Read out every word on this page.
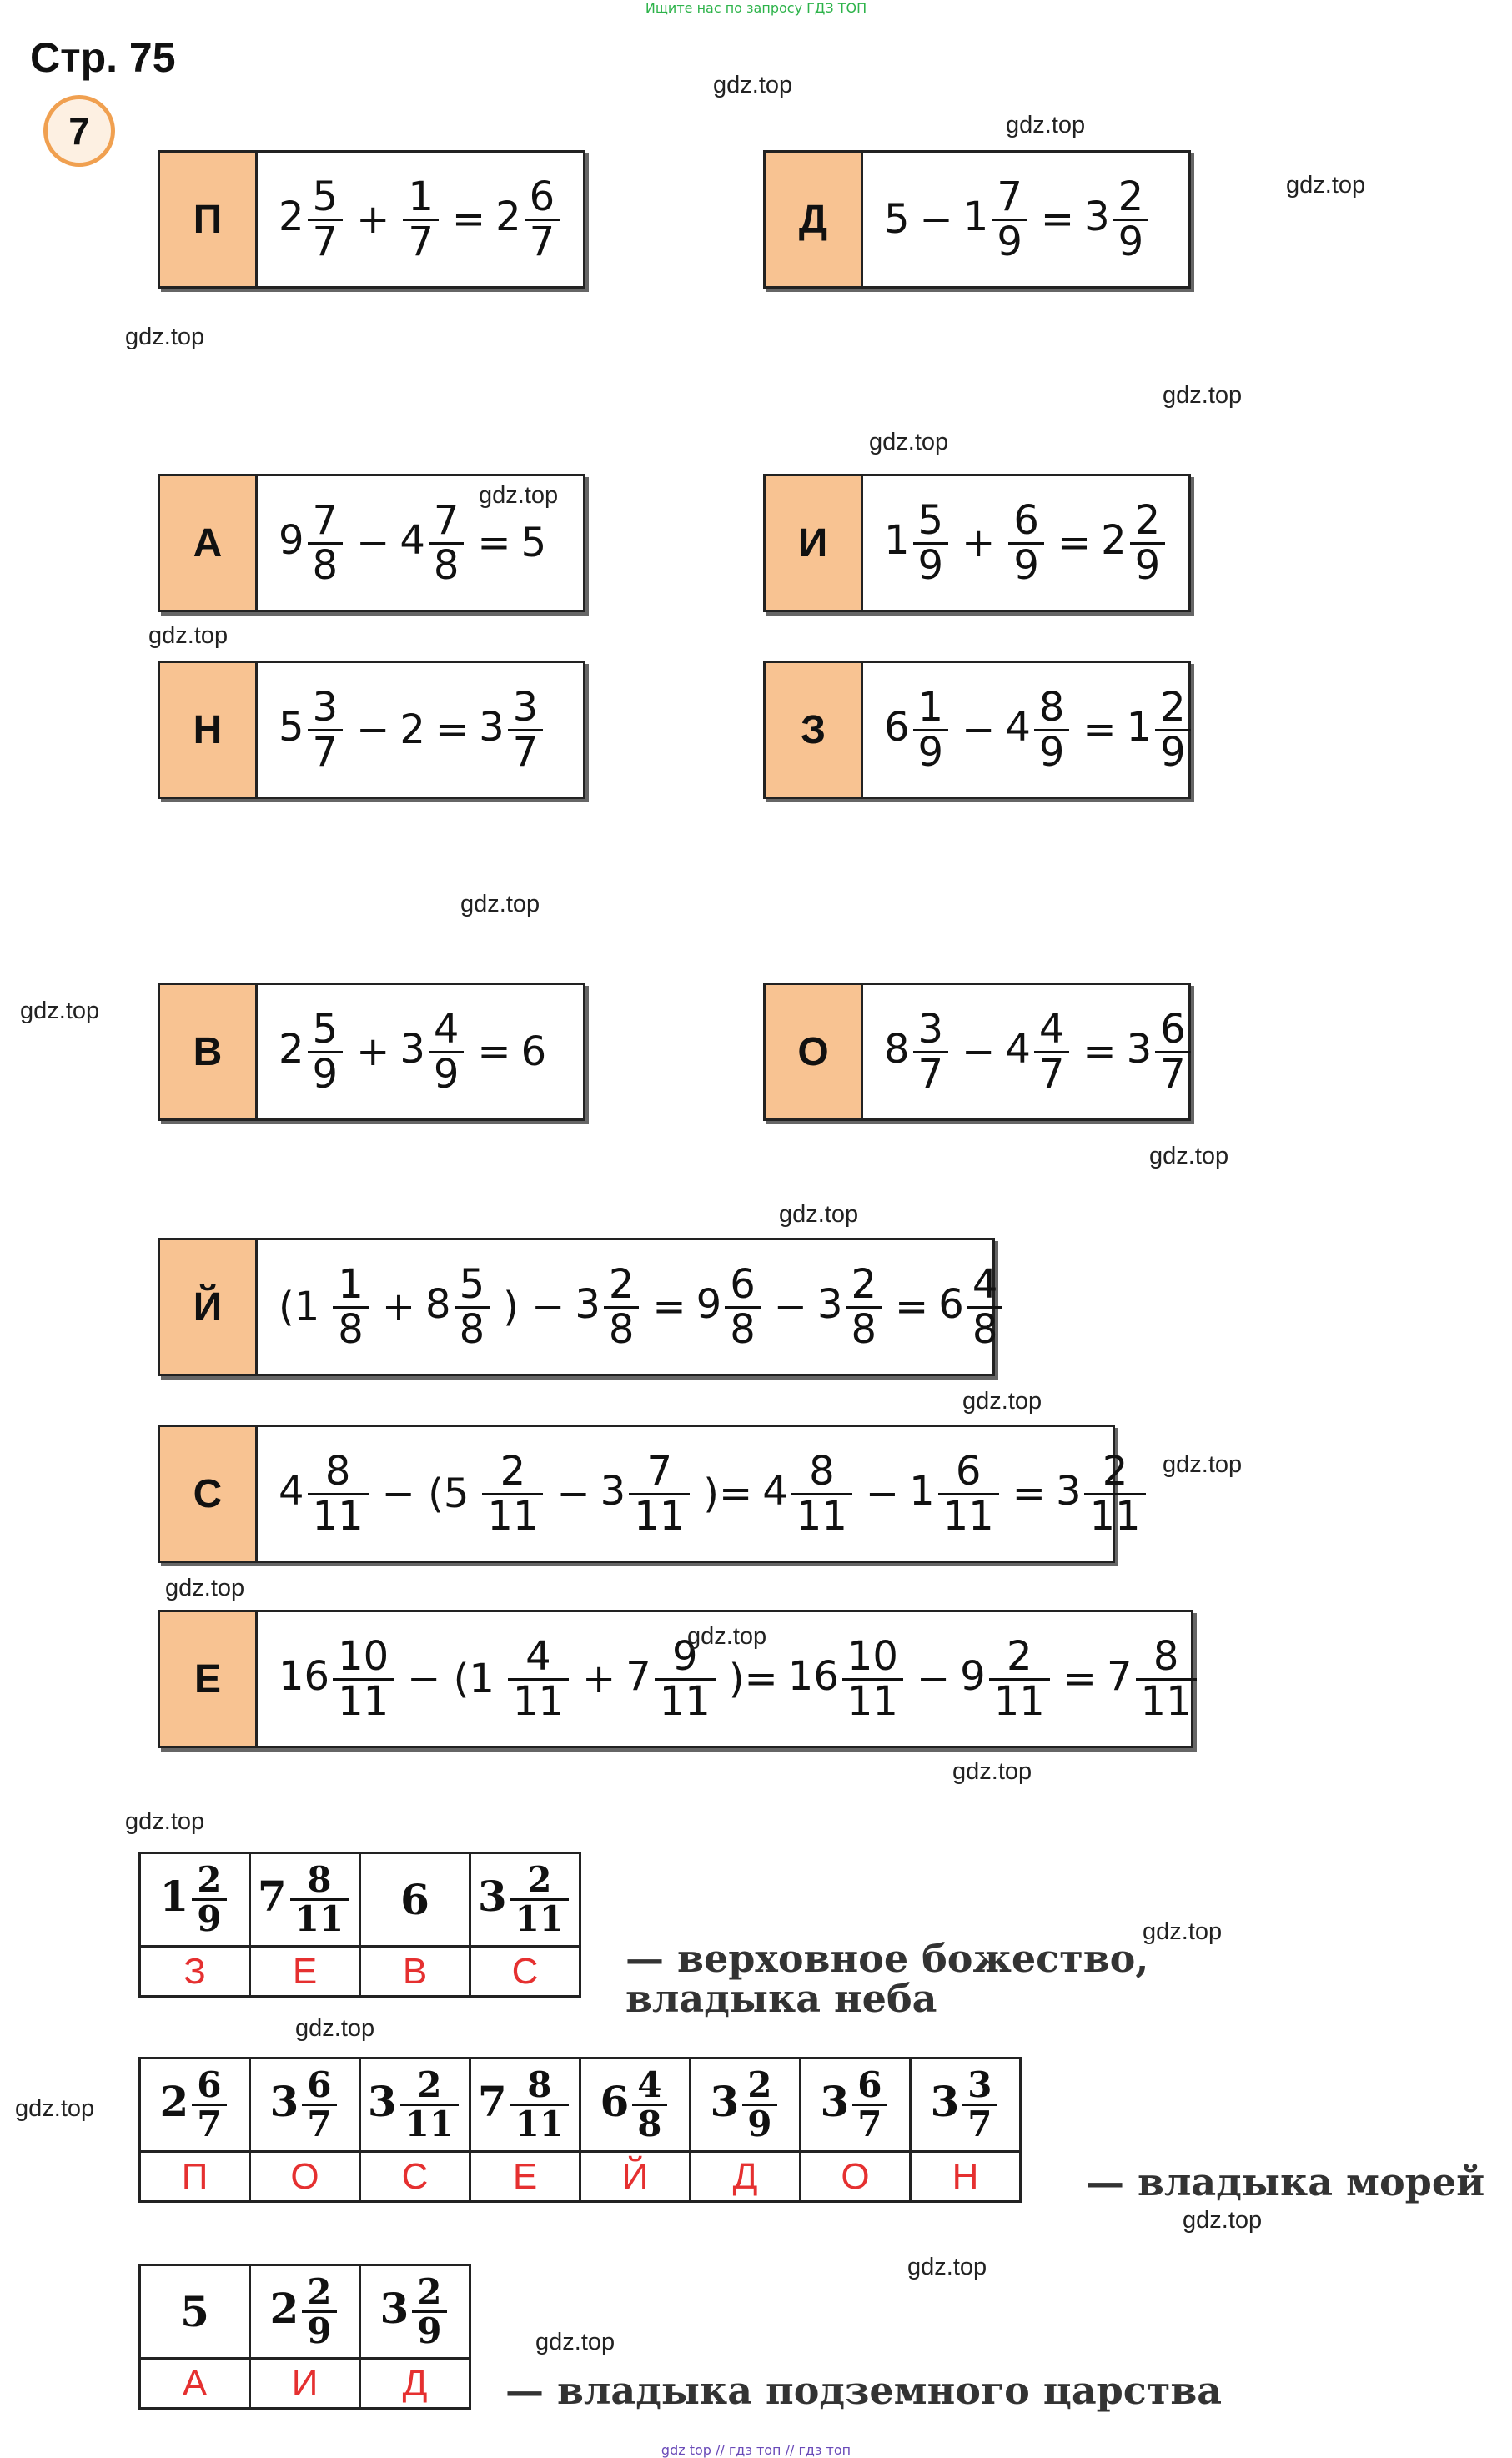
Ищите нас по запросу ГДЗ ТОП
Стр. 75
7
П	$2 \frac{5}{7} + \frac{1}{7} = 2 \frac{6}{7}$	Д	$5 - 1 \frac{7}{9} = 3 \frac{2}{9}$
А	$9 \frac{7}{8} - 4 \frac{7}{8} = 5$	И	$1 \frac{5}{9} + \frac{6}{9} = 2 \frac{2}{9}$
Н	$5 \frac{3}{7} - 2 = 3 \frac{3}{7}$	З	$6 \frac{1}{9} - 4 \frac{8}{9} = 1 \frac{2}{9}$
В	$2 \frac{5}{9} + 3 \frac{4}{9} = 6$	О	$8 \frac{3}{7} - 4 \frac{4}{7} = 3 \frac{6}{7}$
Й	($1 \frac{1}{8} + 8 \frac{5}{8}$ ) − $3 \frac{2}{8} = 9 \frac{6}{8} - 3 \frac{2}{8} = 6 \frac{4}{8}$
С	$4 \frac{8}{11} - (5 \frac{2}{11} - 3 \frac{7}{11}$ )= $4 \frac{8}{11} - 1 \frac{6}{11} = 3 \frac{2}{11}$
Е	$16 \frac{10}{11} - (1 \frac{4}{11} + 7 \frac{9}{11}$ )= $16 \frac{10}{11} - 9 \frac{2}{11} = 7 \frac{8}{11}$
$1 \frac{2}{9}$	$7 \frac{8}{11}$	6	$3 \frac{2}{11}$

З	Е	В	С — верховное божество,
владыка неба
$2 \frac{6}{7}$	$3 \frac{6}{7}$	$3 \frac{2}{11}$	$7 \frac{8}{11}$	$6 \frac{4}{8}$	$3 \frac{2}{9}$	$3 \frac{6}{7}$	$3 \frac{3}{7}$

П	О	С	Е	Й	Д	О	Н	— владыка морей
5	$2 \frac{2}{9}$	$3 \frac{2}{9}$

А	И	Д — владыка подземного царства
gdz.top
gdz.top
gdz.top
gdz.top
gdz.top
gdz.top
gdz.top
gdz.top
gdz.top
gdz.top
gdz.top
gdz.top
gdz.top
gdz.top
gdz.top
gdz.top
gdz.top
gdz.top
gdz.top
gdz.top
gdz.top
gdz.top
gdz.top
gdz.top
gdz top // гдз топ // гдз топ
